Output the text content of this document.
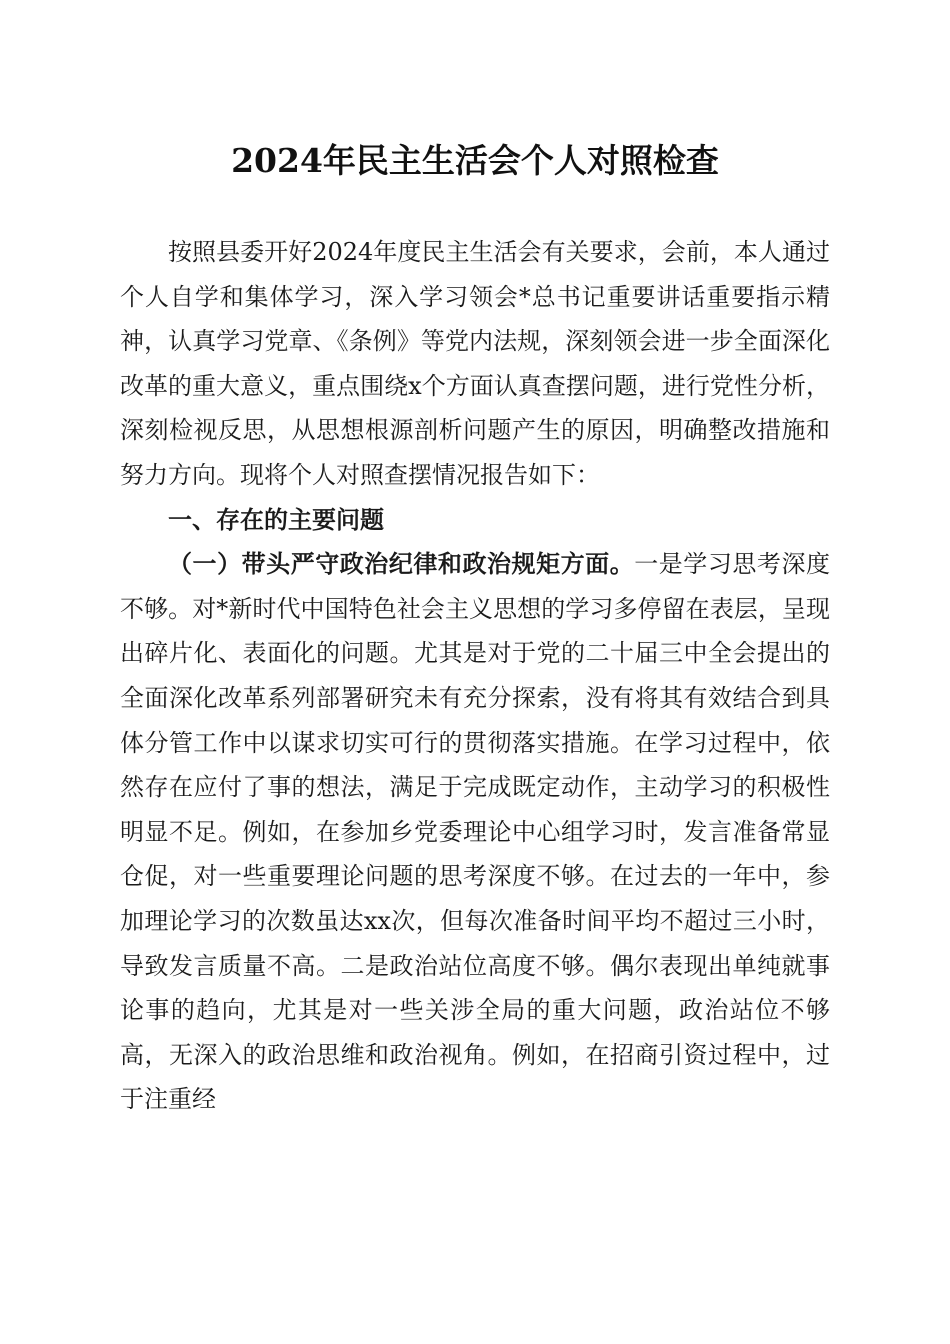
2024年民主生活会个人对照检查

按照县委开好2024年度民主生活会有关要求，会前，本人通过个人自学和集体学习，深入学习领会*总书记重要讲话重要指示精神，认真学习党章、《条例》等党内法规，深刻领会进一步全面深化改革的重大意义，重点围绕x个方面认真查摆问题，进行党性分析，深刻检视反思，从思想根源剖析问题产生的原因，明确整改措施和努力方向。现将个人对照查摆情况报告如下：

一、存在的主要问题

（一）带头严守政治纪律和政治规矩方面。一是学习思考深度不够。对*新时代中国特色社会主义思想的学习多停留在表层，呈现出碎片化、表面化的问题。尤其是对于党的二十届三中全会提出的全面深化改革系列部署研究未有充分探索，没有将其有效结合到具体分管工作中以谋求切实可行的贯彻落实措施。在学习过程中，依然存在应付了事的想法，满足于完成既定动作，主动学习的积极性明显不足。例如，在参加乡党委理论中心组学习时，发言准备常显仓促，对一些重要理论问题的思考深度不够。在过去的一年中，参加理论学习的次数虽达xx次，但每次准备时间平均不超过三小时，导致发言质量不高。二是政治站位高度不够。偶尔表现出单纯就事论事的趋向，尤其是对一些关涉全局的重大问题，政治站位不够高，无深入的政治思维和政治视角。例如，在招商引资过程中，过于注重经
